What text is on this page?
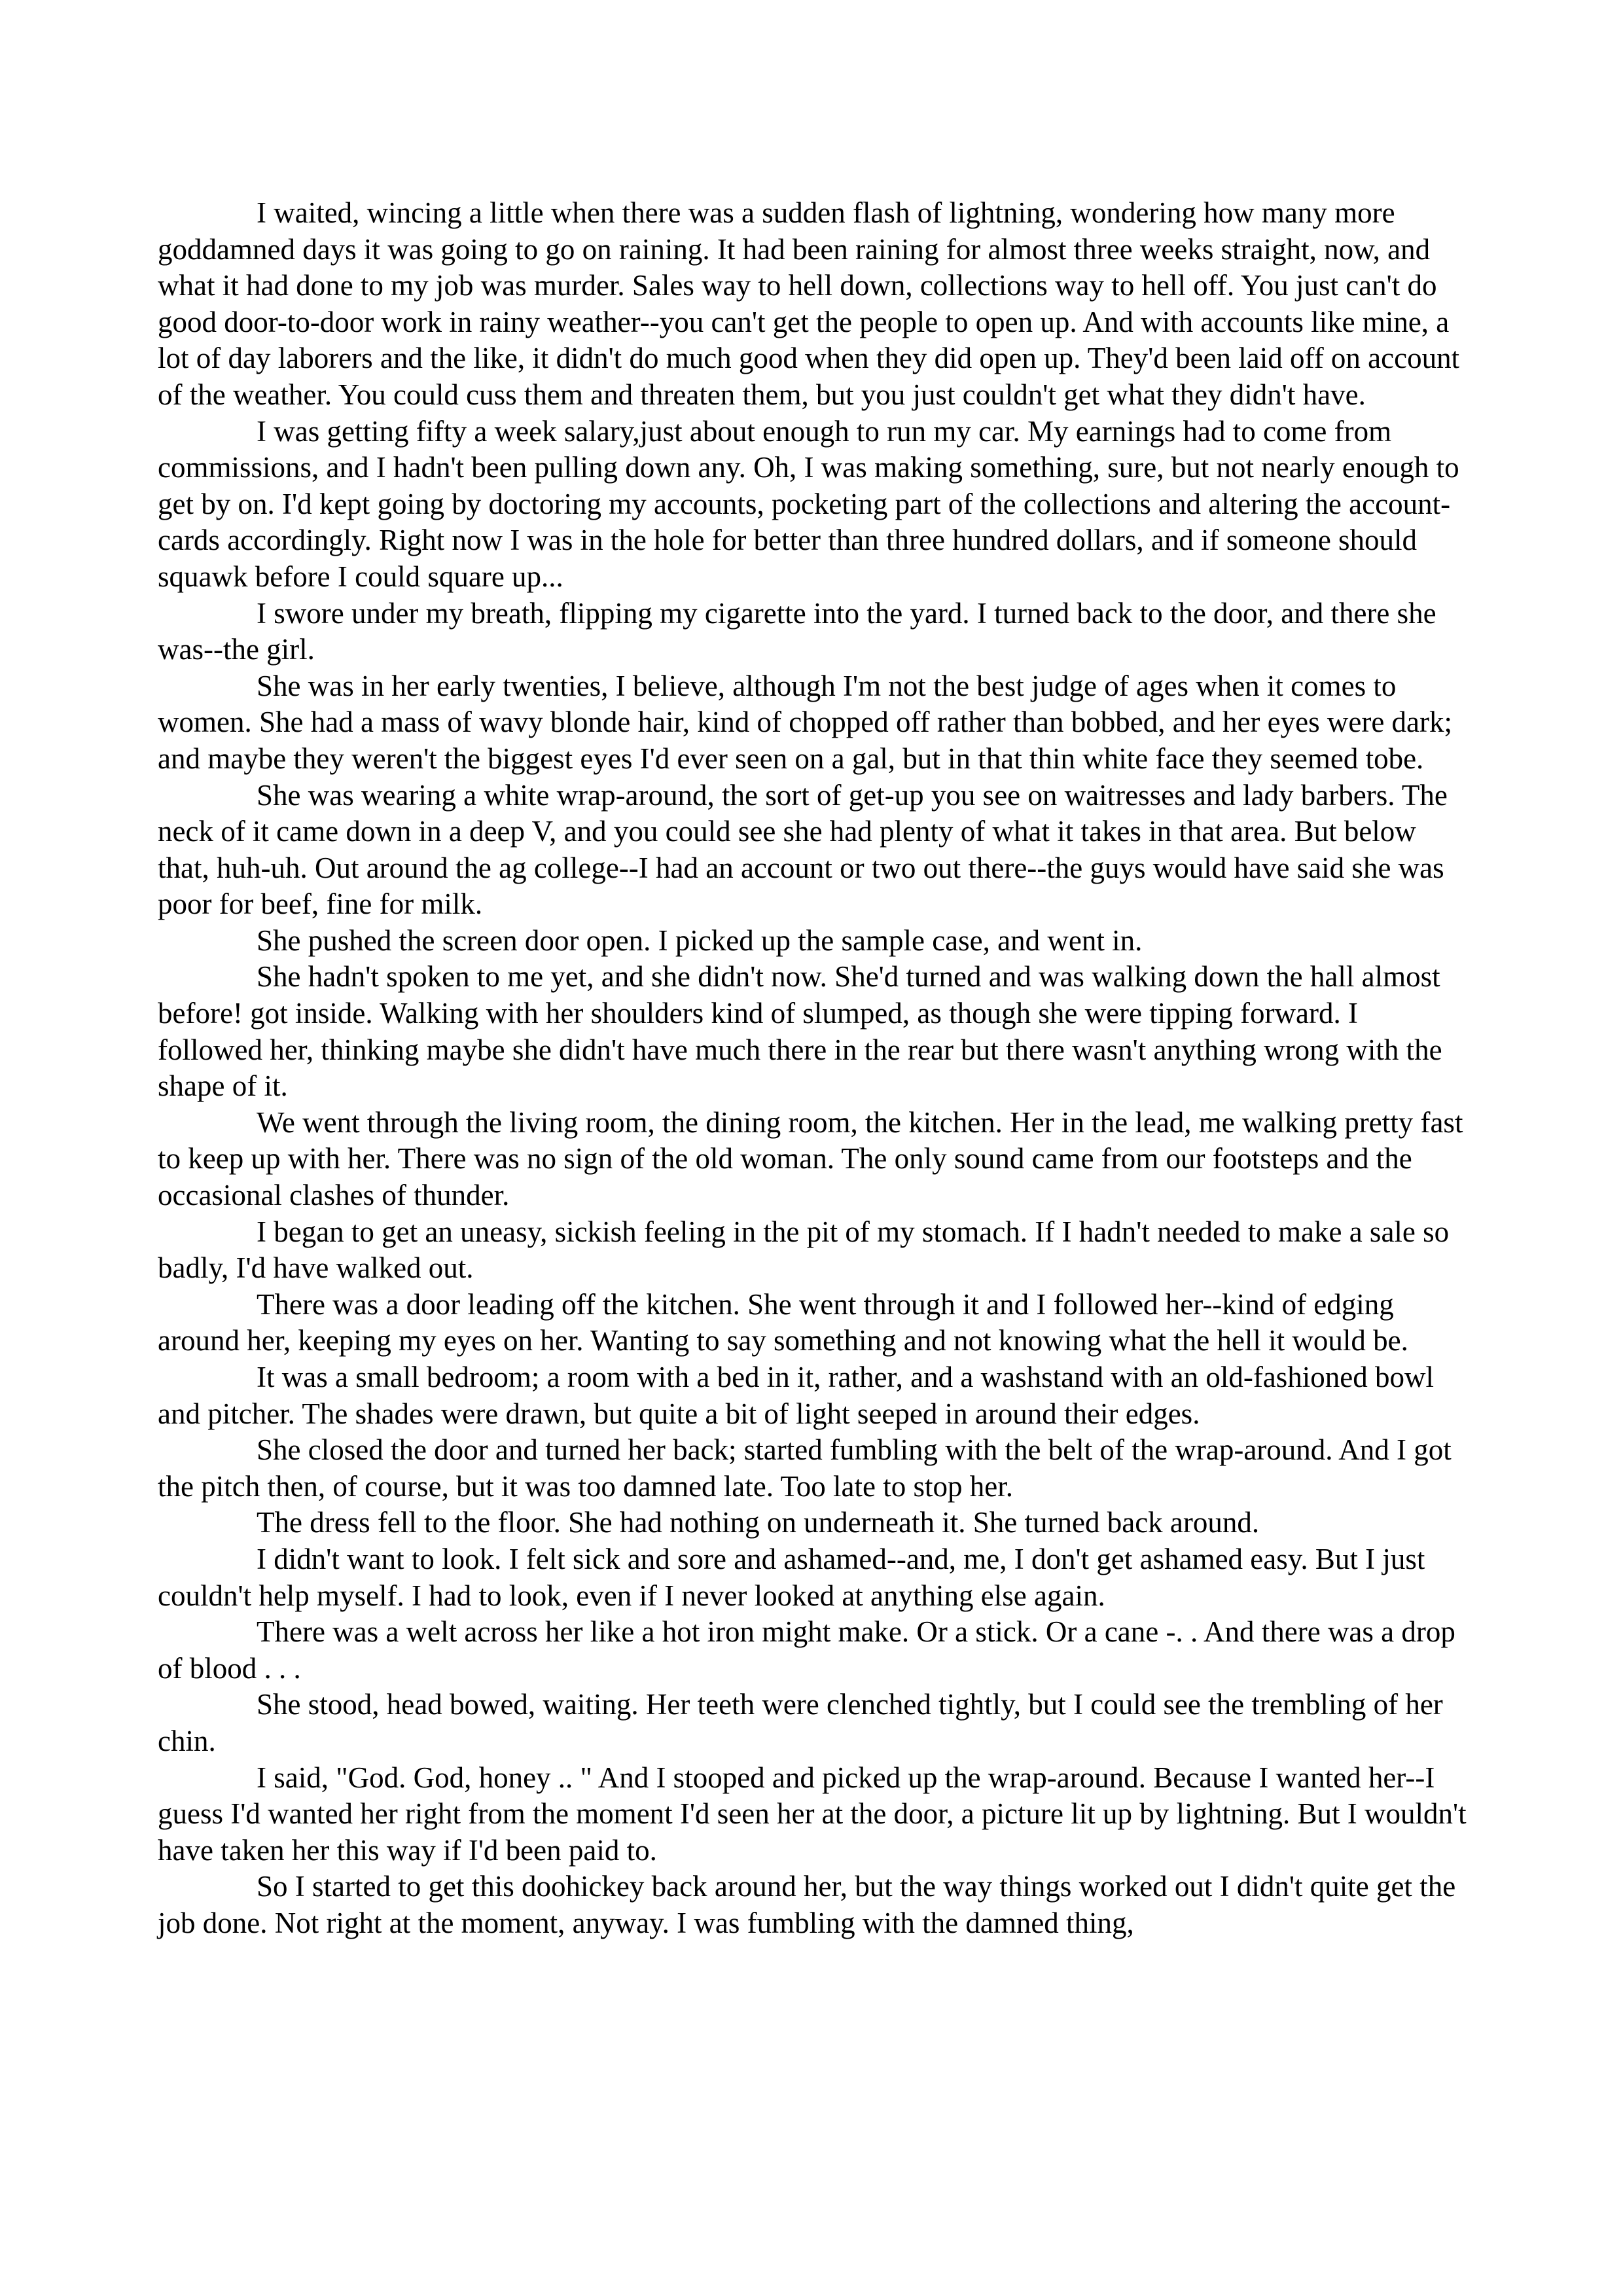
I waited, wincing a little when there was a sudden flash of lightning, wondering how many more goddamned days it was going to go on raining. It had been raining for almost three weeks straight, now, and what it had done to my job was murder. Sales way to hell down, collections way to hell off. You just can't do good door-to-door work in rainy weather--you can't get the people to open up. And with accounts like mine, a lot of day laborers and the like, it didn't do much good when they did open up. They'd been laid off on account of the weather. You could cuss them and threaten them, but you just couldn't get what they didn't have.

I was getting fifty a week salary,just about enough to run my car. My earnings had to come from commissions, and I hadn't been pulling down any. Oh, I was making something, sure, but not nearly enough to get by on. I'd kept going by doctoring my accounts, pocketing part of the collections and altering the account-cards accordingly. Right now I was in the hole for better than three hundred dollars, and if someone should squawk before I could square up...

I swore under my breath, flipping my cigarette into the yard. I turned back to the door, and there she was--the girl.

She was in her early twenties, I believe, although I'm not the best judge of ages when it comes to women. She had a mass of wavy blonde hair, kind of chopped off rather than bobbed, and her eyes were dark; and maybe they weren't the biggest eyes I'd ever seen on a gal, but in that thin white face they seemed tobe.

She was wearing a white wrap-around, the sort of get-up you see on waitresses and lady barbers. The neck of it came down in a deep V, and you could see she had plenty of what it takes in that area. But below that, huh-uh. Out around the ag college--I had an account or two out there--the guys would have said she was poor for beef, fine for milk.

She pushed the screen door open. I picked up the sample case, and went in.

She hadn't spoken to me yet, and she didn't now. She'd turned and was walking down the hall almost before! got inside. Walking with her shoulders kind of slumped, as though she were tipping forward. I followed her, thinking maybe she didn't have much there in the rear but there wasn't anything wrong with the shape of it.

We went through the living room, the dining room, the kitchen. Her in the lead, me walking pretty fast to keep up with her. There was no sign of the old woman. The only sound came from our footsteps and the occasional clashes of thunder.

I began to get an uneasy, sickish feeling in the pit of my stomach. If I hadn't needed to make a sale so badly, I'd have walked out.

There was a door leading off the kitchen. She went through it and I followed her--kind of edging around her, keeping my eyes on her. Wanting to say something and not knowing what the hell it would be.

It was a small bedroom; a room with a bed in it, rather, and a washstand with an old-fashioned bowl and pitcher. The shades were drawn, but quite a bit of light seeped in around their edges.

She closed the door and turned her back; started fumbling with the belt of the wrap-around. And I got the pitch then, of course, but it was too damned late. Too late to stop her.

The dress fell to the floor. She had nothing on underneath it. She turned back around.

I didn't want to look. I felt sick and sore and ashamed--and, me, I don't get ashamed easy. But I just couldn't help myself. I had to look, even if I never looked at anything else again.

There was a welt across her like a hot iron might make. Or a stick. Or a cane -. . And there was a drop of blood . . .

She stood, head bowed, waiting. Her teeth were clenched tightly, but I could see the trembling of her chin.

I said, "God. God, honey .. " And I stooped and picked up the wrap-around. Because I wanted her--I guess I'd wanted her right from the moment I'd seen her at the door, a picture lit up by lightning. But I wouldn't have taken her this way if I'd been paid to.

So I started to get this doohickey back around her, but the way things worked out I didn't quite get the job done. Not right at the moment, anyway. I was fumbling with the damned thing,
